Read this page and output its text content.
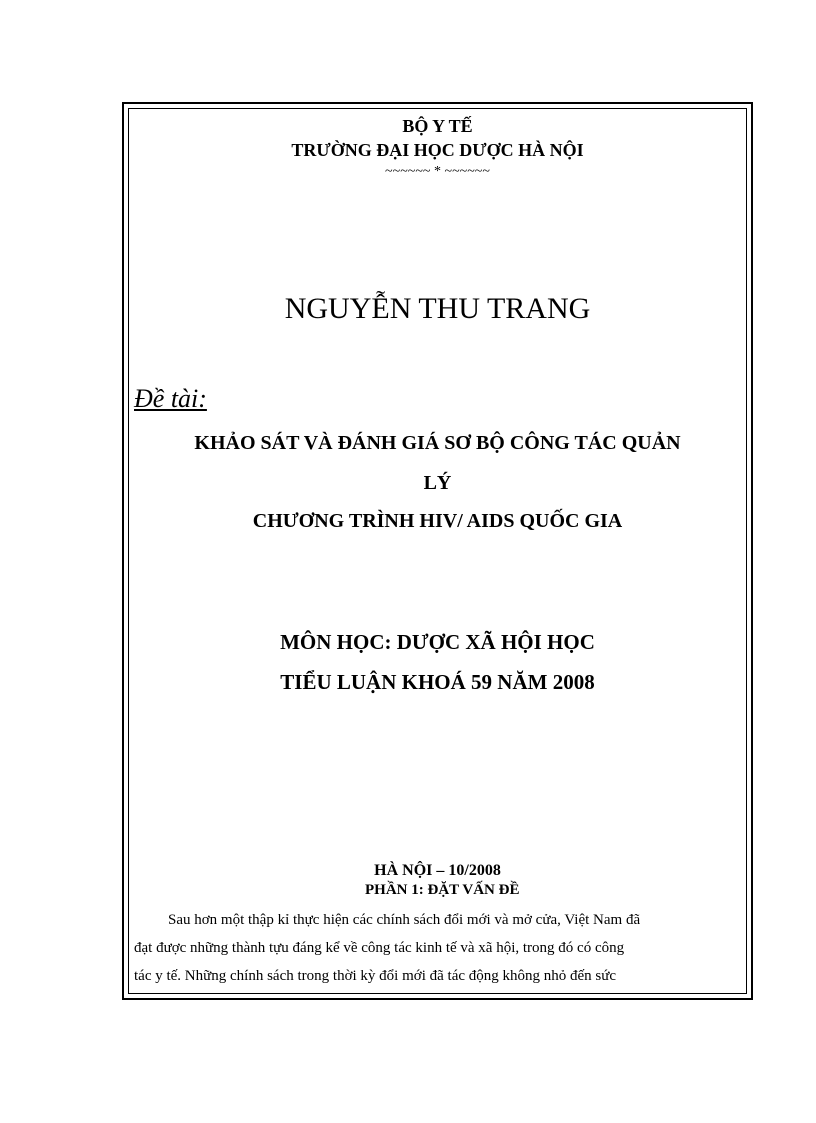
BỘ Y TẾ
TRƯỜNG ĐẠI HỌC DƯỢC HÀ NỘI
~~~~~~ * ~~~~~~
NGUYỄN THU TRANG
Đề tài:
KHẢO SÁT VÀ ĐÁNH GIÁ SƠ BỘ CÔNG TÁC QUẢN
LÝ
CHƯƠNG TRÌNH HIV/ AIDS QUỐC GIA
MÔN HỌC: DƯỢC XÃ HỘI HỌC
TIỂU LUẬN KHOÁ 59 NĂM 2008
HÀ NỘI – 10/2008
PHẦN 1: ĐẶT VẤN ĐỀ
Sau hơn một thập kỉ thực hiện các chính sách đổi mới và mở cửa, Việt Nam đã
đạt được những thành tựu đáng kể về công tác kinh tế và xã hội, trong đó có công
tác y tế. Những chính sách trong thời kỳ đổi mới đã tác động không nhỏ đến sức
